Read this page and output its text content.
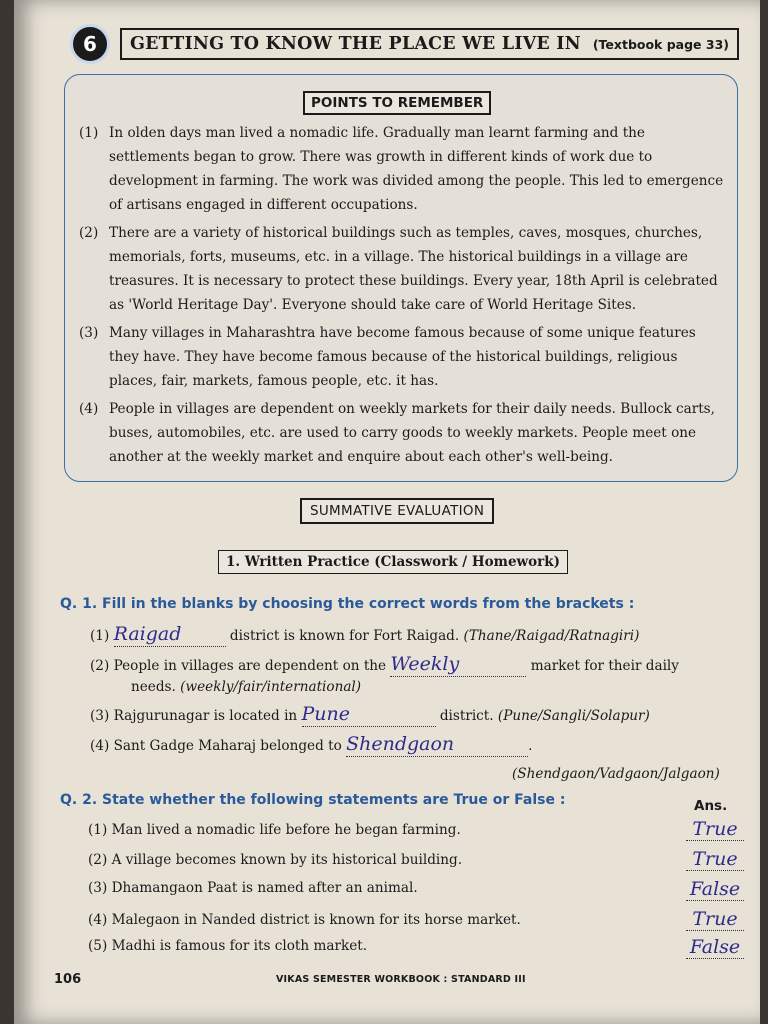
6	GETTING TO KNOW THE PLACE WE LIVE IN (Textbook page 33)
POINTS TO REMEMBER
(1) In olden days man lived a nomadic life. Gradually man learnt farming and the settlements began to grow. There was growth in different kinds of work due to development in farming. The work was divided among the people. This led to emergence of artisans engaged in different occupations.
(2) There are a variety of historical buildings such as temples, caves, mosques, churches, memorials, forts, museums, etc. in a village. The historical buildings in a village are treasures. It is necessary to protect these buildings. Every year, 18th April is celebrated as 'World Heritage Day'. Everyone should take care of World Heritage Sites.
(3) Many villages in Maharashtra have become famous because of some unique features they have. They have become famous because of the historical buildings, religious places, fair, markets, famous people, etc. it has.
(4) People in villages are dependent on weekly markets for their daily needs. Bullock carts, buses, automobiles, etc. are used to carry goods to weekly markets. People meet one another at the weekly market and enquire about each other's well-being.
SUMMATIVE EVALUATION
1. Written Practice (Classwork / Homework)
Q. 1. Fill in the blanks by choosing the correct words from the brackets :
(1) Raigad	district is known for Fort Raigad. (Thane/Raigad/Ratnagiri)
(2) People in villages are dependent on the Weekly	market for their daily
needs. (weekly/fair/international)
(3) Rajgurunagar is located in Pune	district. (Pune/Sangli/Solapur)
(4) Sant Gadge Maharaj belonged to Shendgaon	.
(Shendgaon/Vadgaon/Jalgaon)
Q. 2. State whether the following statements are True or False :	Ans.
(1) Man lived a nomadic life before he began farming.	True
(2) A village becomes known by its historical building.	True
(3) Dhamangaon Paat is named after an animal.	False
(4) Malegaon in Nanded district is known for its horse market.	True
(5) Madhi is famous for its cloth market.	False
106	VIKAS SEMESTER WORKBOOK : STANDARD III
